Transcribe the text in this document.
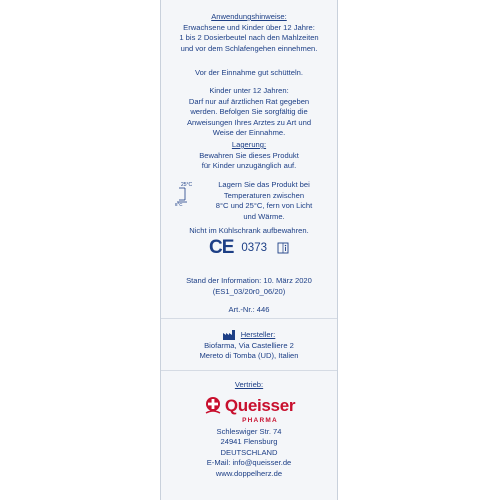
Anwendungshinweise:
Erwachsene und Kinder über 12 Jahre:
1 bis 2 Dosierbeutel nach den Mahlzeiten
und vor dem Schlafengehen einnehmen.
Vor der Einnahme gut schütteln.
Kinder unter 12 Jahren:
Darf nur auf ärztlichen Rat gegeben
werden. Befolgen Sie sorgfältig die
Anweisungen Ihres Arztes zu Art und
Weise der Einnahme.
Lagerung:
Bewahren Sie dieses Produkt
für Kinder unzugänglich auf.
25°C
8°C
Lagern Sie das Produkt bei
Temperaturen zwischen
8°C und 25°C, fern von Licht
und Wärme.
Nicht im Kühlschrank aufbewahren.
CE 0373
Stand der Information: 10. März 2020
(ES1_03/20r0_06/20)
Art.-Nr.: 446
Hersteller:
Biofarma, Via Castelliere 2
Mereto di Tomba (UD), Italien
Vertrieb:
Queisser
PHARMA
Schleswiger Str. 74
24941 Flensburg
DEUTSCHLAND
E-Mail: info@queisser.de
www.doppelherz.de
